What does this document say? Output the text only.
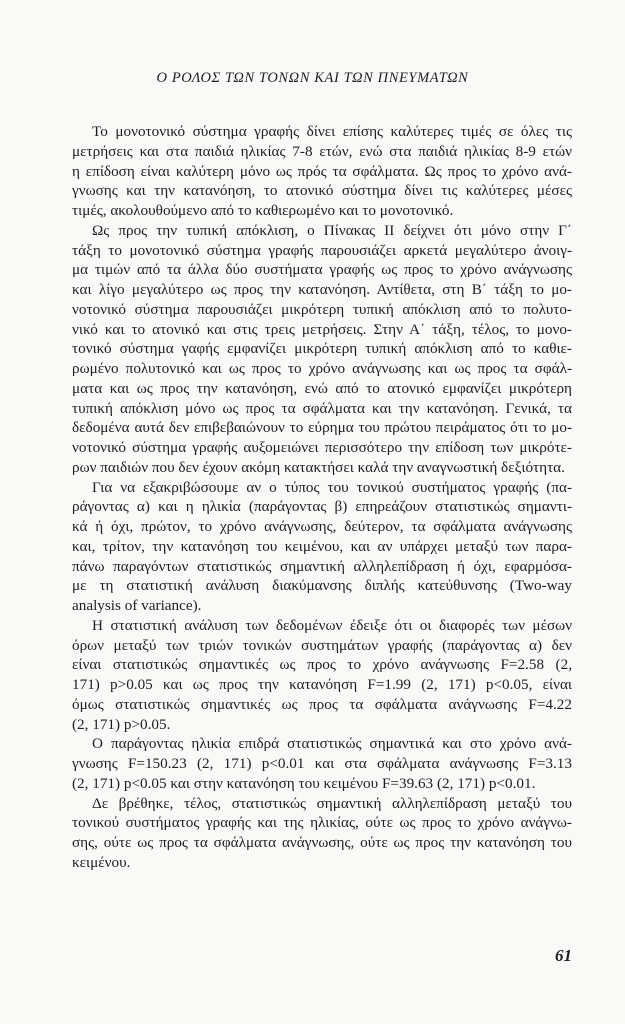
Ο ΡΟΛΟΣ ΤΩΝ ΤΟΝΩΝ ΚΑΙ ΤΩΝ ΠΝΕΥΜΑΤΩΝ
Το μονοτονικό σύστημα γραφής δίνει επίσης καλύτερες τιμές σε όλες τις
μετρήσεις και στα παιδιά ηλικίας 7-8 ετών, ενώ στα παιδιά ηλικίας 8-9 ετών
η επίδοση είναι καλύτερη μόνο ως πρός τα σφάλματα. Ως προς το χρόνο ανά-
γνωσης και την κατανόηση, το ατονικό σύστημα δίνει τις καλύτερες μέσες
τιμές, ακολουθούμενο από το καθιερωμένο και το μονοτονικό.
Ως προς την τυπική απόκλιση, ο Πίνακας ΙΙ δείχνει ότι μόνο στην Γ΄
τάξη το μονοτονικό σύστημα γραφής παρουσιάζει αρκετά μεγαλύτερο άνοιγ-
μα τιμών από τα άλλα δύο συστήματα γραφής ως προς το χρόνο ανάγνωσης
και λίγο μεγαλύτερο ως προς την κατανόηση. Αντίθετα, στη Β΄ τάξη το μο-
νοτονικό σύστημα παρουσιάζει μικρότερη τυπική απόκλιση από το πολυτο-
νικό και το ατονικό και στις τρεις μετρήσεις. Στην Α΄ τάξη, τέλος, το μονο-
τονικό σύστημα γαφής εμφανίζει μικρότερη τυπική απόκλιση από το καθιε-
ρωμένο πολυτονικό και ως προς το χρόνο ανάγνωσης και ως προς τα σφάλ-
ματα και ως προς την κατανόηση, ενώ από το ατονικό εμφανίζει μικρότερη
τυπική απόκλιση μόνο ως προς τα σφάλματα και την κατανόηση. Γενικά, τα
δεδομένα αυτά δεν επιβεβαιώνουν το εύρημα του πρώτου πειράματος ότι το μο-
νοτονικό σύστημα γραφής αυξομειώνει περισσότερο την επίδοση των μικρότε-
ρων παιδιών που δεν έχουν ακόμη κατακτήσει καλά την αναγνωστική δεξιότητα.
Για να εξακριβώσουμε αν ο τύπος του τονικού συστήματος γραφής (πα-
ράγοντας α) και η ηλικία (παράγοντας β) επηρεάζουν στατιστικώς σημαντι-
κά ή όχι, πρώτον, το χρόνο ανάγνωσης, δεύτερον, τα σφάλματα ανάγνωσης
και, τρίτον, την κατανόηση του κειμένου, και αν υπάρχει μεταξύ των παρα-
πάνω παραγόντων στατιστικώς σημαντική αλληλεπίδραση ή όχι, εφαρμόσα-
με τη στατιστική ανάλυση διακύμανσης διπλής κατεύθυνσης (Two-way
analysis of variance).
Η στατιστική ανάλυση των δεδομένων έδειξε ότι οι διαφορές των μέσων
όρων μεταξύ των τριών τονικών συστημάτων γραφής (παράγοντας α) δεν
είναι στατιστικώς σημαντικές ως προς το χρόνο ανάγνωσης F=2.58 (2,
171) p>0.05 και ως προς την κατανόηση F=1.99 (2, 171) p<0.05, είναι
όμως στατιστικώς σημαντικές ως προς τα σφάλματα ανάγνωσης F=4.22
(2, 171) p>0.05.
Ο παράγοντας ηλικία επιδρά στατιστικώς σημαντικά και στο χρόνο ανά-
γνωσης F=150.23 (2, 171) p<0.01 και στα σφάλματα ανάγνωσης F=3.13
(2, 171) p<0.05 και στην κατανόηση του κειμένου F=39.63 (2, 171) p<0.01.
Δε βρέθηκε, τέλος, στατιστικώς σημαντική αλληλεπίδραση μεταξύ του
τονικού συστήματος γραφής και της ηλικίας, ούτε ως προς το χρόνο ανάγνω-
σης, ούτε ως προς τα σφάλματα ανάγνωσης, ούτε ως προς την κατανόηση του
κειμένου.
61
